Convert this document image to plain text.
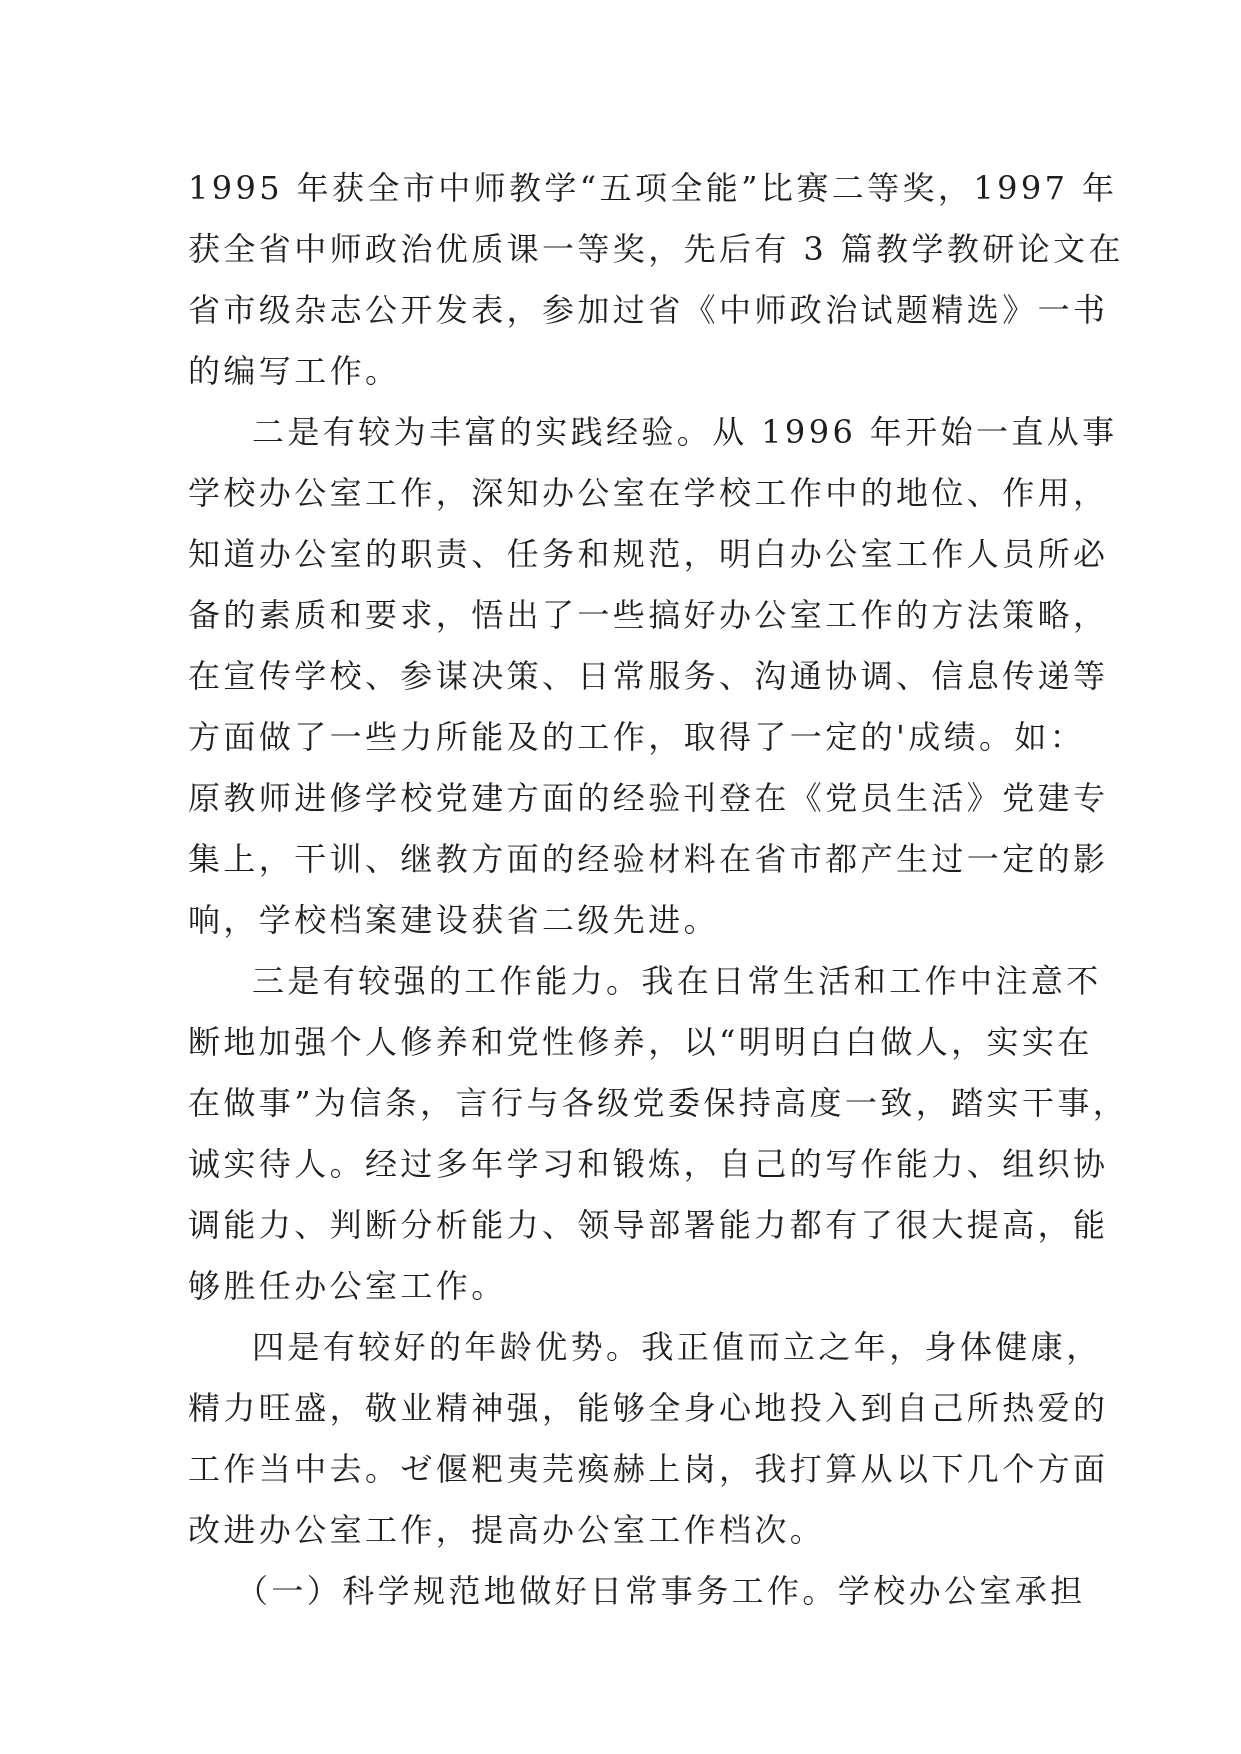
1995 年获全市中师教学“五项全能”比赛二等奖，1997 年
获全省中师政治优质课一等奖，先后有 3 篇教学教研论文在
省市级杂志公开发表，参加过省《中师政治试题精选》一书
的编写工作。
二是有较为丰富的实践经验。从 1996 年开始一直从事
学校办公室工作，深知办公室在学校工作中的地位、作用，
知道办公室的职责、任务和规范，明白办公室工作人员所必
备的素质和要求，悟出了一些搞好办公室工作的方法策略，
在宣传学校、参谋决策、日常服务、沟通协调、信息传递等
方面做了一些力所能及的工作，取得了一定的'成绩。如：
原教师进修学校党建方面的经验刊登在《党员生活》党建专
集上，干训、继教方面的经验材料在省市都产生过一定的影
响，学校档案建设获省二级先进。
三是有较强的工作能力。我在日常生活和工作中注意不
断地加强个人修养和党性修养，以“明明白白做人，实实在
在做事”为信条，言行与各级党委保持高度一致，踏实干事，
诚实待人。经过多年学习和锻炼，自己的写作能力、组织协
调能力、判断分析能力、领导部署能力都有了很大提高，能
够胜任办公室工作。
四是有较好的年龄优势。我正值而立之年，身体健康，
精力旺盛，敬业精神强，能够全身心地投入到自己所热爱的
工作当中去。ゼ偃粑夷芫瘓赫上岗，我打算从以下几个方面
改进办公室工作，提高办公室工作档次。
（一）科学规范地做好日常事务工作。学校办公室承担
